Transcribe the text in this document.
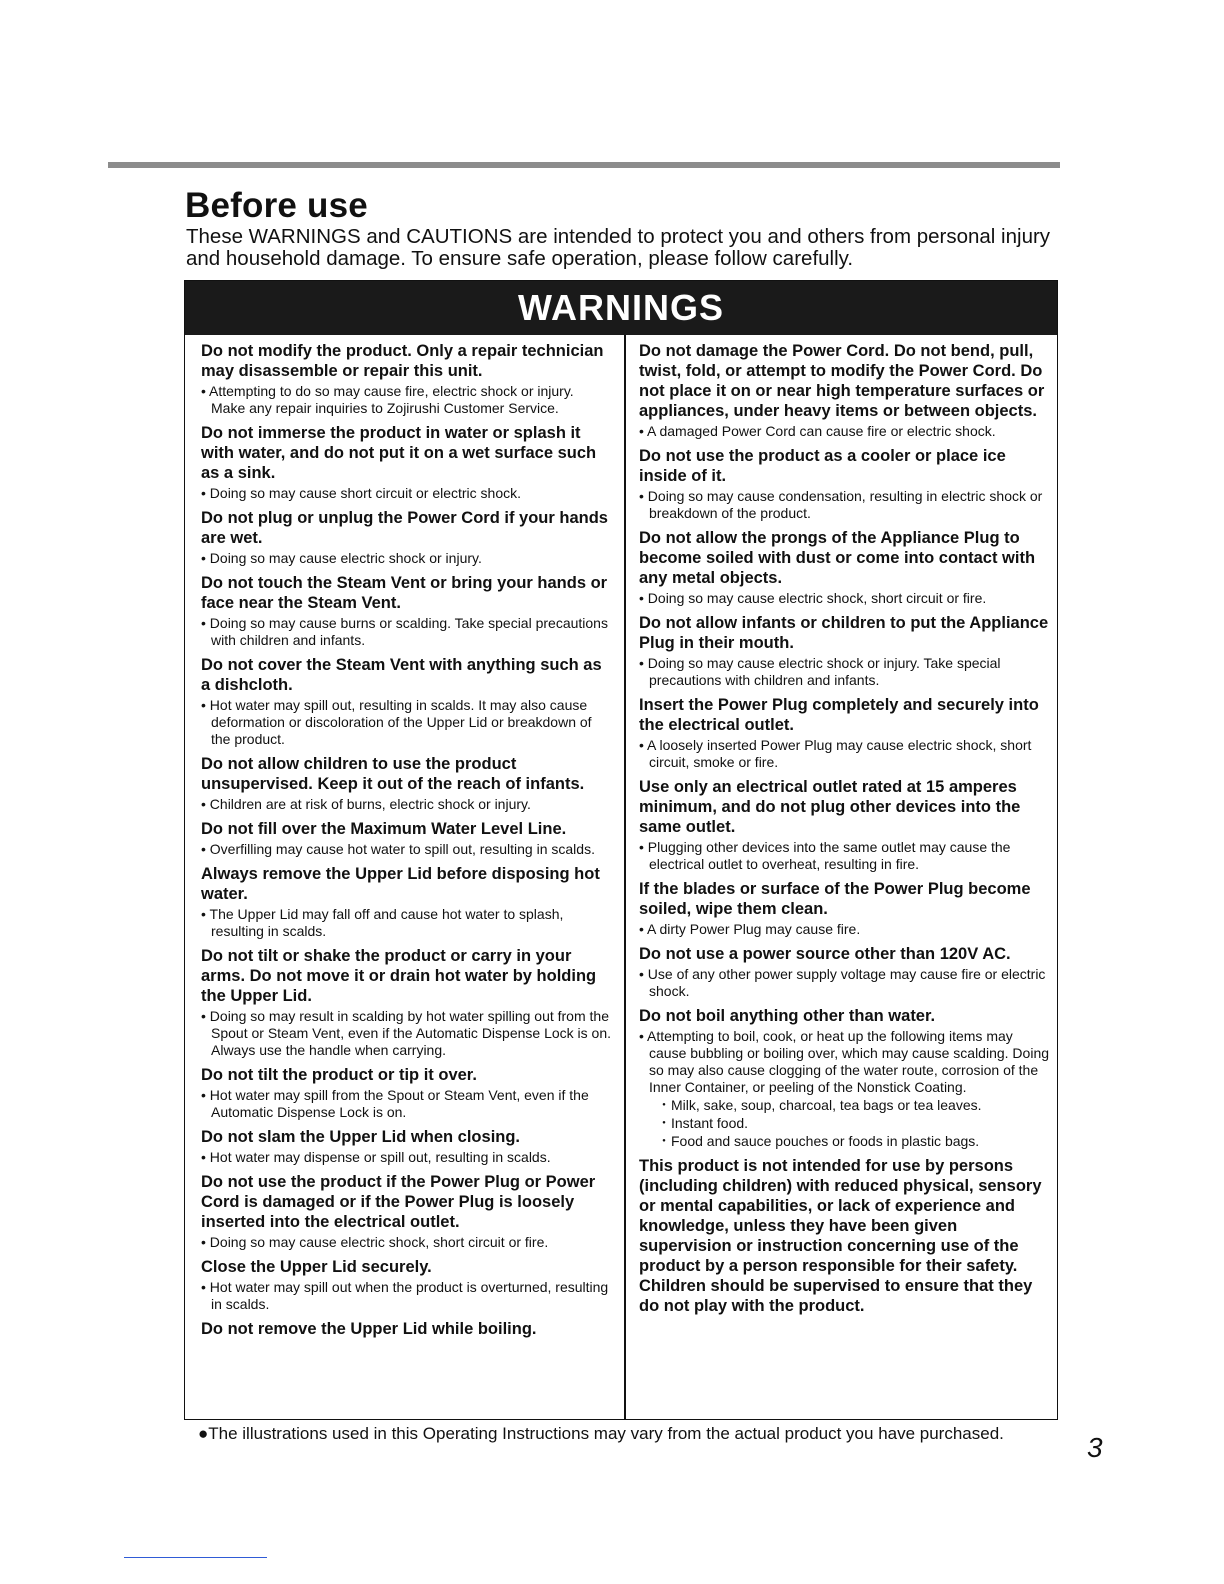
Before use

These WARNINGS and CAUTIONS are intended to protect you and others from personal injury and household damage. To ensure safe operation, please follow carefully.

WARNINGS

Do not modify the product. Only a repair technician may disassemble or repair this unit.

• Attempting to do so may cause fire, electric shock or injury. Make any repair inquiries to Zojirushi Customer Service.

Do not immerse the product in water or splash it with water, and do not put it on a wet surface such as a sink.

• Doing so may cause short circuit or electric shock.

Do not plug or unplug the Power Cord if your hands are wet.

• Doing so may cause electric shock or injury.

Do not touch the Steam Vent or bring your hands or face near the Steam Vent.

• Doing so may cause burns or scalding. Take special precautions with children and infants.

Do not cover the Steam Vent with anything such as a dishcloth.

• Hot water may spill out, resulting in scalds. It may also cause deformation or discoloration of the Upper Lid or breakdown of the product.

Do not allow children to use the product unsupervised. Keep it out of the reach of infants.

• Children are at risk of burns, electric shock or injury.

Do not fill over the Maximum Water Level Line.

• Overfilling may cause hot water to spill out, resulting in scalds.

Always remove the Upper Lid before disposing hot water.

• The Upper Lid may fall off and cause hot water to splash, resulting in scalds.

Do not tilt or shake the product or carry in your arms. Do not move it or drain hot water by holding the Upper Lid.

• Doing so may result in scalding by hot water spilling out from the Spout or Steam Vent, even if the Automatic Dispense Lock is on. Always use the handle when carrying.

Do not tilt the product or tip it over.

• Hot water may spill from the Spout or Steam Vent, even if the Automatic Dispense Lock is on.

Do not slam the Upper Lid when closing.

• Hot water may dispense or spill out, resulting in scalds.

Do not use the product if the Power Plug or Power Cord is damaged or if the Power Plug is loosely inserted into the electrical outlet.

• Doing so may cause electric shock, short circuit or fire.

Close the Upper Lid securely.

• Hot water may spill out when the product is overturned, resulting in scalds.

Do not remove the Upper Lid while boiling.

Do not damage the Power Cord. Do not bend, pull, twist, fold, or attempt to modify the Power Cord. Do not place it on or near high temperature surfaces or appliances, under heavy items or between objects.

• A damaged Power Cord can cause fire or electric shock.

Do not use the product as a cooler or place ice inside of it.

• Doing so may cause condensation, resulting in electric shock or breakdown of the product.

Do not allow the prongs of the Appliance Plug to become soiled with dust or come into contact with any metal objects.

• Doing so may cause electric shock, short circuit or fire.

Do not allow infants or children to put the Appliance Plug in their mouth.

• Doing so may cause electric shock or injury. Take special precautions with children and infants.

Insert the Power Plug completely and securely into the electrical outlet.

• A loosely inserted Power Plug may cause electric shock, short circuit, smoke or fire.

Use only an electrical outlet rated at 15 amperes minimum, and do not plug other devices into the same outlet.

• Plugging other devices into the same outlet may cause the electrical outlet to overheat, resulting in fire.

If the blades or surface of the Power Plug become soiled, wipe them clean.

• A dirty Power Plug may cause fire.

Do not use a power source other than 120V AC.

• Use of any other power supply voltage may cause fire or electric shock.

Do not boil anything other than water.

• Attempting to boil, cook, or heat up the following items may cause bubbling or boiling over, which may cause scalding. Doing so may also cause clogging of the water route, corrosion of the Inner Container, or peeling of the Nonstick Coating.

・Milk, sake, soup, charcoal, tea bags or tea leaves.

・Instant food.

・Food and sauce pouches or foods in plastic bags.

This product is not intended for use by persons (including children) with reduced physical, sensory or mental capabilities, or lack of experience and knowledge, unless they have been given supervision or instruction concerning use of the product by a person responsible for their safety. Children should be supervised to ensure that they do not play with the product.

●The illustrations used in this Operating Instructions may vary from the actual product you have purchased.	3
